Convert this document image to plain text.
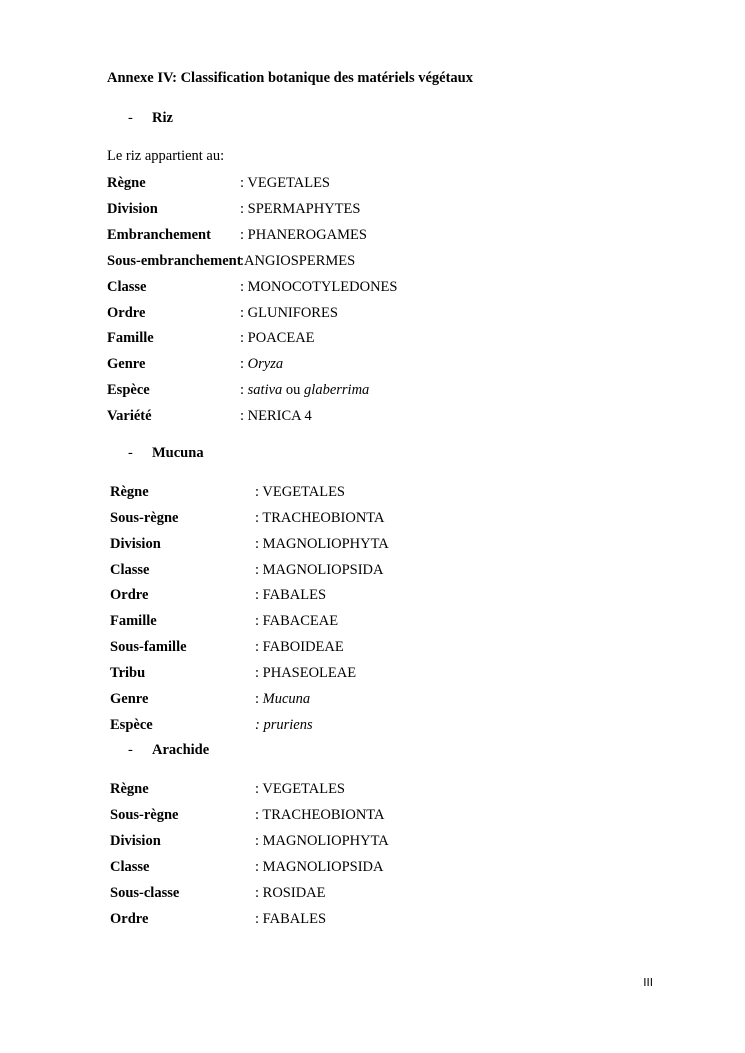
Annexe IV: Classification botanique des matériels végétaux
- Riz
Le riz appartient au:
Règne	: VEGETALES
Division	: SPERMAPHYTES
Embranchement : PHANEROGAMES
Sous-embranchement
:ANGIOSPERMES
Classe	: MONOCOTYLEDONES
Ordre	: GLUNIFORES
Famille	: POACEAE
Genre	: Oryza
Espèce	: sativa ou glaberrima
Variété	: NERICA 4
- Mucuna
Règne	: VEGETALES
Sous-règne	: TRACHEOBIONTA
Division	: MAGNOLIOPHYTA
Classe	: MAGNOLIOPSIDA
Ordre	: FABALES
Famille	: FABACEAE
Sous-famille	: FABOIDEAE
Tribu	: PHASEOLEAE
Genre	: Mucuna
Espèce	: pruriens
- Arachide
Règne	: VEGETALES
Sous-règne	: TRACHEOBIONTA
Division	: MAGNOLIOPHYTA
Classe	: MAGNOLIOPSIDA
Sous-classe	: ROSIDAE
Ordre	: FABALES
III
